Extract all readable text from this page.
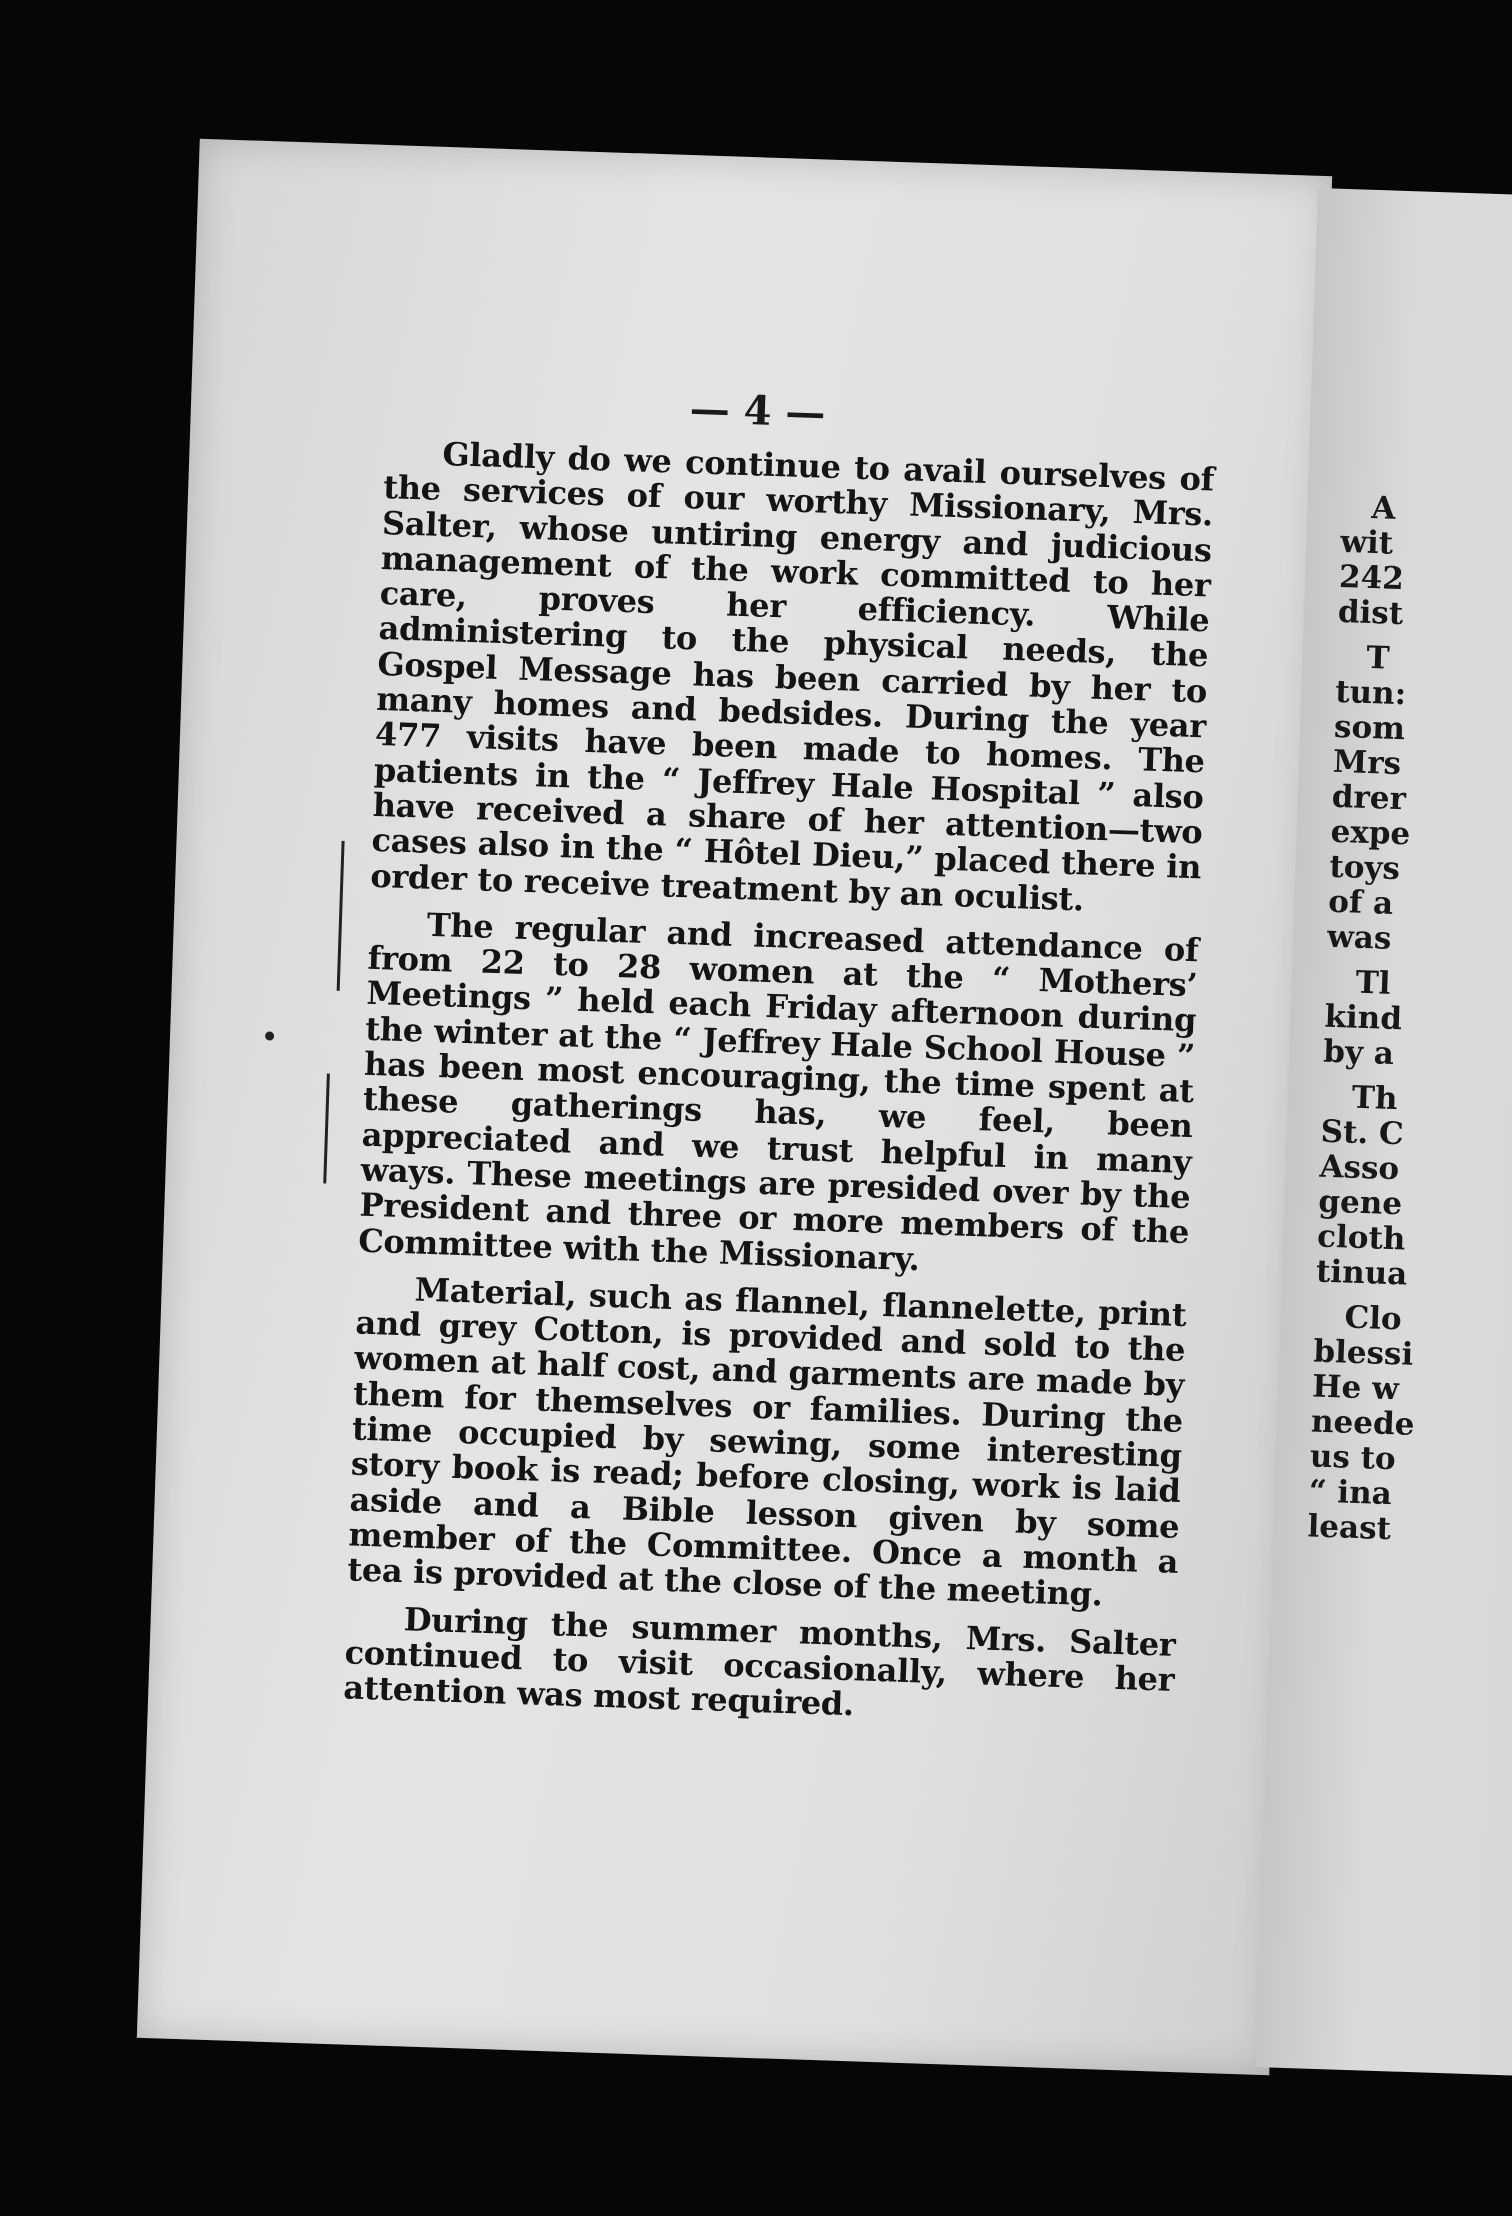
— 4 —

Gladly do we continue to avail ourselves of the services of our worthy Missionary, Mrs. Salter, whose untiring energy and judicious management of the work committed to her care, proves her efficiency. While administering to the physical needs, the Gospel Message has been carried by her to many homes and bedsides. During the year 477 visits have been made to homes. The patients in the “ Jeffrey Hale Hospital ” also have received a share of her attention—two cases also in the “ Hôtel Dieu,” placed there in order to receive treatment by an oculist.

The regular and increased attendance of from 22 to 28 women at the “ Mothers’ Meetings ” held each Friday afternoon during the winter at the “ Jeffrey Hale School House ” has been most encouraging, the time spent at these gatherings has, we feel, been appreciated and we trust helpful in many ways. These meetings are presided over by the President and three or more members of the Committee with the Missionary.

Material, such as flannel, flannelette, print and grey Cotton, is provided and sold to the women at half cost, and garments are made by them for themselves or families. During the time occupied by sewing, some interesting story book is read; before closing, work is laid aside and a Bible lesson given by some member of the Committee. Once a month a tea is provided at the close of the meeting.

During the summer months, Mrs. Salter continued to visit occasionally, where her attention was most required.

A
wit
242
dist
T
tun:
som
Mrs
drer
expe
toys
of a
was
Tl
kind
by a
Th
St. C
Asso
gene
cloth
tinua
Clo
blessi
He w
neede
us to
“ ina
least
